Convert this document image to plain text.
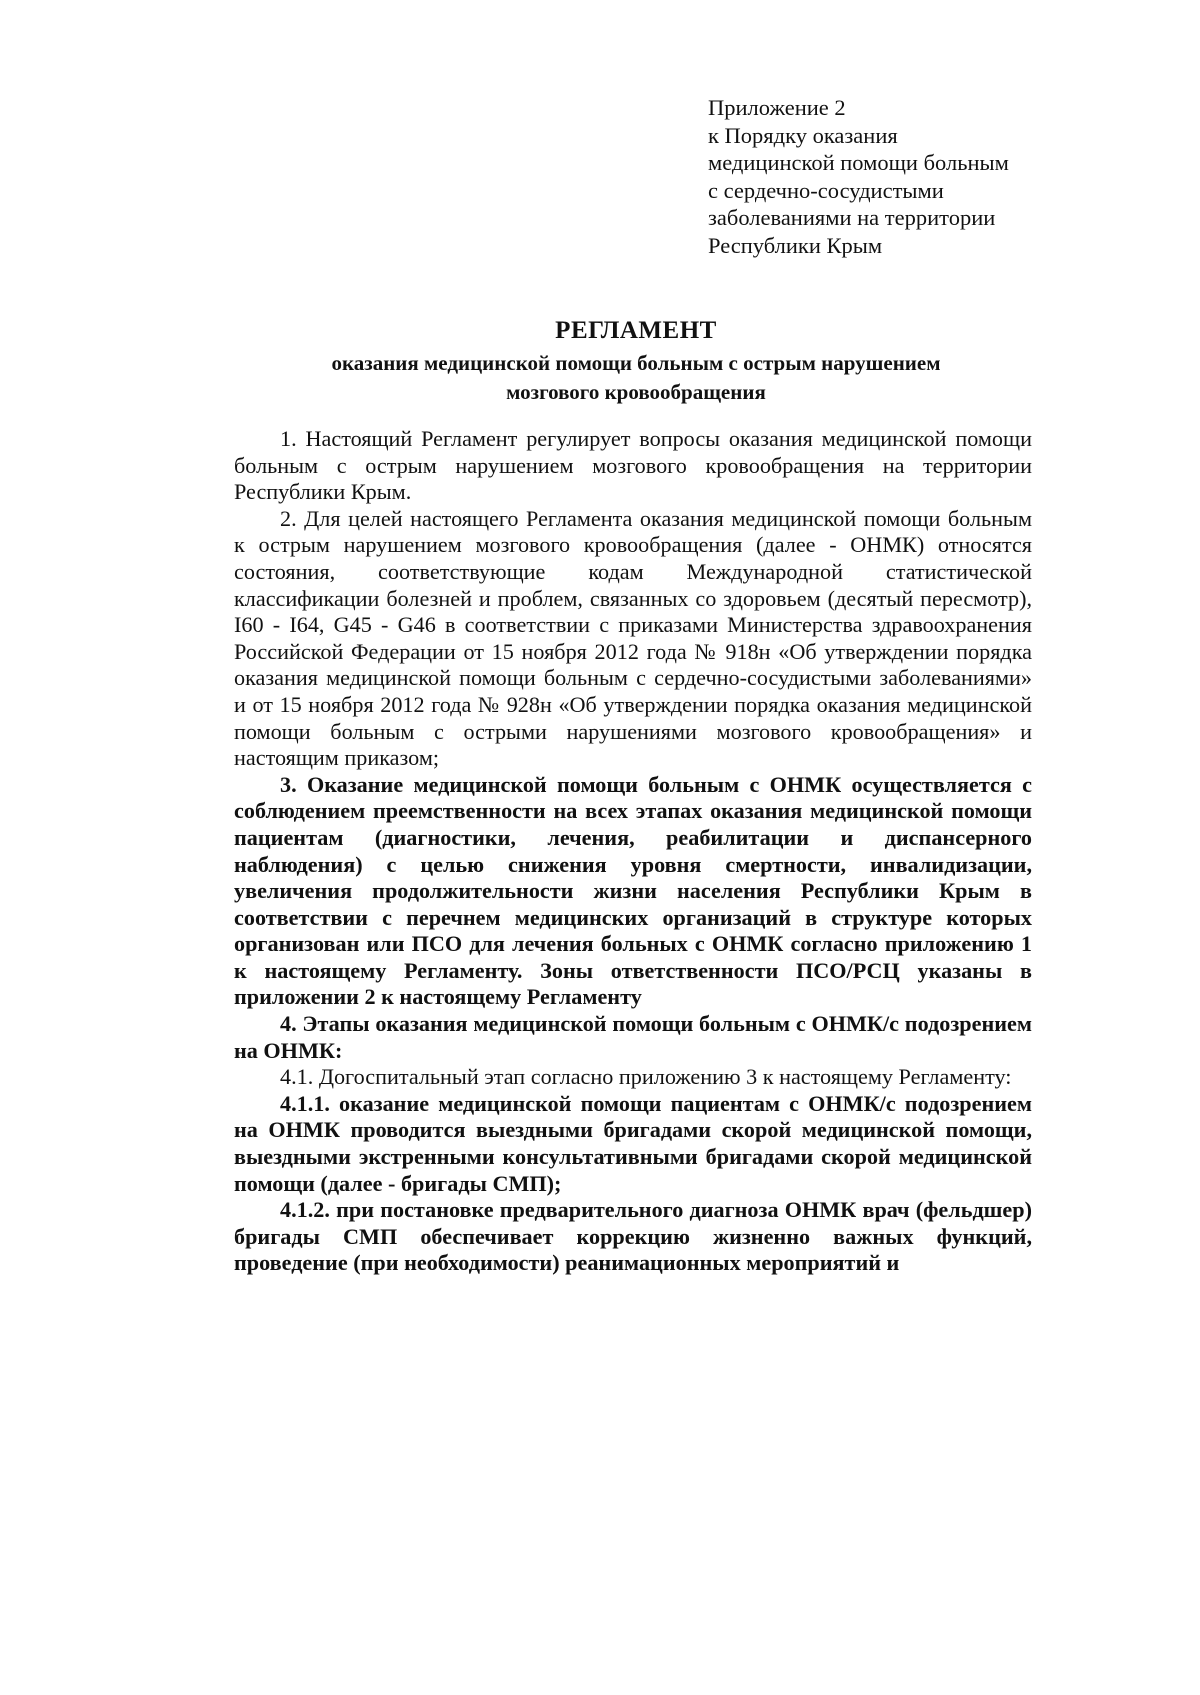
Приложение 2
к Порядку оказания
медицинской помощи больным
с сердечно-сосудистыми
заболеваниями на территории
Республики Крым
РЕГЛАМЕНТ
оказания медицинской помощи больным с острым нарушением
мозгового кровообращения

1. Настоящий Регламент регулирует вопросы оказания медицинской помощи больным с острым нарушением мозгового кровообращения на территории Республики Крым.

2. Для целей настоящего Регламента оказания медицинской помощи больным к острым нарушением мозгового кровообращения (далее - ОНМК) относятся состояния, соответствующие кодам Международной статистической классификации болезней и проблем, связанных со здоровьем (десятый пересмотр), I60 - I64, G45 - G46 в соответствии с приказами Министерства здравоохранения Российской Федерации от 15 ноября 2012 года № 918н «Об утверждении порядка оказания медицинской помощи больным с сердечно-сосудистыми заболеваниями» и от 15 ноября 2012 года № 928н «Об утверждении порядка оказания медицинской помощи больным с острыми нарушениями мозгового кровообращения» и настоящим приказом;

3. Оказание медицинской помощи больным с ОНМК осуществляется с соблюдением преемственности на всех этапах оказания медицинской помощи пациентам (диагностики, лечения, реабилитации и диспансерного наблюдения) с целью снижения уровня смертности, инвалидизации, увеличения продолжительности жизни населения Республики Крым в соответствии с перечнем медицинских организаций в структуре которых организован или ПСО для лечения больных с ОНМК согласно приложению 1 к настоящему Регламенту. Зоны ответственности ПСО/РСЦ указаны в приложении 2 к настоящему Регламенту

4. Этапы оказания медицинской помощи больным с ОНМК/с подозрением на ОНМК:

4.1. Догоспитальный этап согласно приложению 3 к настоящему Регламенту:

4.1.1. оказание медицинской помощи пациентам с ОНМК/с подозрением на ОНМК проводится выездными бригадами скорой медицинской помощи, выездными экстренными консультативными бригадами скорой медицинской помощи (далее - бригады СМП);

4.1.2. при постановке предварительного диагноза ОНМК врач (фельдшер) бригады СМП обеспечивает коррекцию жизненно важных функций, проведение (при необходимости) реанимационных мероприятий и
